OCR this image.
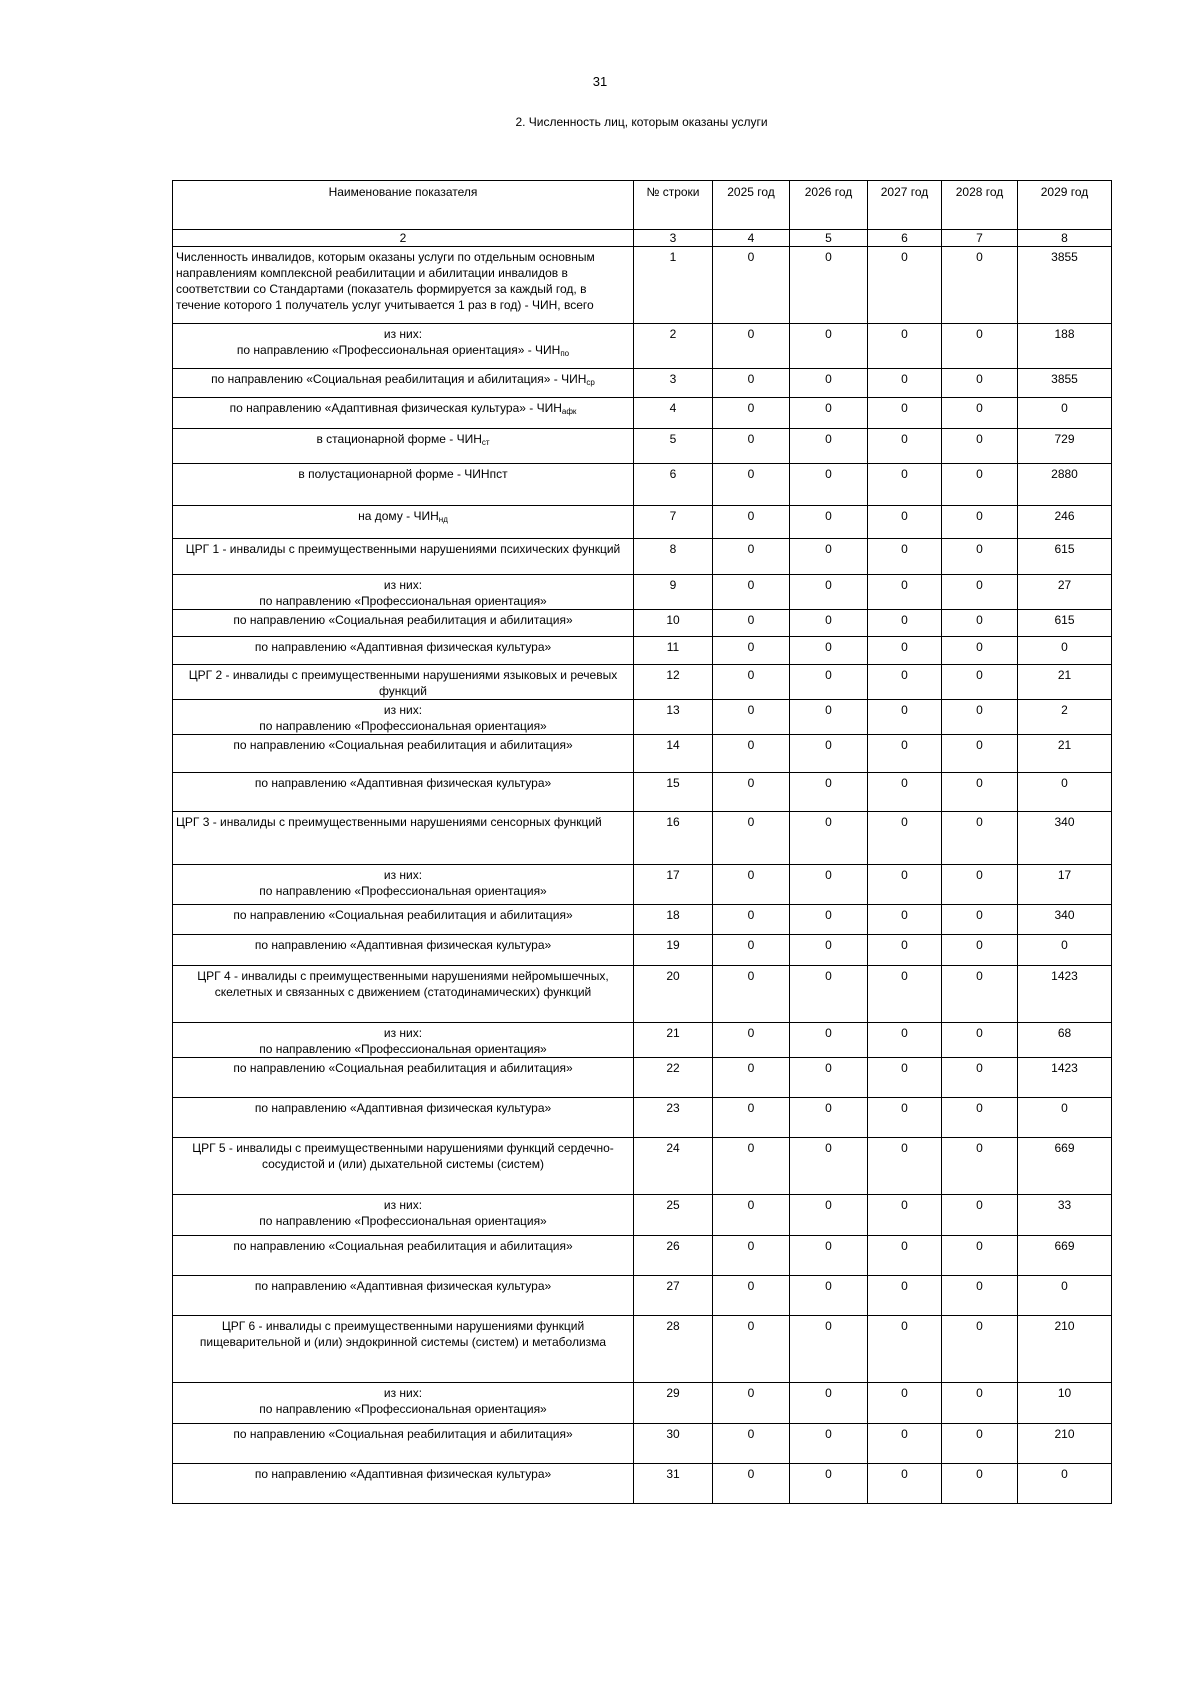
31
2. Численность лиц, которым оказаны услуги
Наименование показателя	№ строки	2025 год	2026 год	2027 год	2028 год	2029 год
2	3	4	5	6	7	8
Численность инвалидов, которым оказаны услуги по отдельным основным направлениям комплексной реабилитации и абилитации инвалидов в соответствии со Стандартами (показатель формируется за каждый год, в течение которого 1 получатель услуг учитывается 1 раз в год) - ЧИН, всего	1	0	0	0	0	3855
из них:
по направлению «Профессиональная ориентация» - $ЧИН_{по}$	2	0	0	0	0	188
по направлению «Социальная реабилитация и абилитация» - $ЧИН_{ср}$	3	0	0	0	0	3855
по направлению «Адаптивная физическая культура» - $ЧИН_{афк}$	4	0	0	0	0	0
в стационарной форме - $ЧИН_{ст}$	5	0	0	0	0	729
в полустационарной форме - ЧИНпст	6	0	0	0	0	2880
на дому - $ЧИН_{нд}$	7	0	0	0	0	246
ЦРГ 1 - инвалиды с преимущественными нарушениями психических функций	8	0	0	0	0	615
из них:
по направлению «Профессиональная ориентация»	9	0	0	0	0	27
по направлению «Социальная реабилитация и абилитация»	10	0	0	0	0	615
по направлению «Адаптивная физическая культура»	11	0	0	0	0	0
ЦРГ 2 - инвалиды с преимущественными нарушениями языковых и речевых функций	12	0	0	0	0	21
из них:
по направлению «Профессиональная ориентация»	13	0	0	0	0	2
по направлению «Социальная реабилитация и абилитация»	14	0	0	0	0	21
по направлению «Адаптивная физическая культура»	15	0	0	0	0	0
ЦРГ 3 - инвалиды с преимущественными нарушениями сенсорных функций	16	0	0	0	0	340
из них:
по направлению «Профессиональная ориентация»	17	0	0	0	0	17
по направлению «Социальная реабилитация и абилитация»	18	0	0	0	0	340
по направлению «Адаптивная физическая культура»	19	0	0	0	0	0
ЦРГ 4 - инвалиды с преимущественными нарушениями нейромышечных, скелетных и связанных с движением (статодинамических) функций	20	0	0	0	0	1423
из них:
по направлению «Профессиональная ориентация»	21	0	0	0	0	68
по направлению «Социальная реабилитация и абилитация»	22	0	0	0	0	1423
по направлению «Адаптивная физическая культура»	23	0	0	0	0	0
ЦРГ 5 - инвалиды с преимущественными нарушениями функций сердечно-сосудистой и (или) дыхательной системы (систем)	24	0	0	0	0	669
из них:
по направлению «Профессиональная ориентация»	25	0	0	0	0	33
по направлению «Социальная реабилитация и абилитация»	26	0	0	0	0	669
по направлению «Адаптивная физическая культура»	27	0	0	0	0	0
ЦРГ 6 - инвалиды с преимущественными нарушениями функций пищеварительной и (или) эндокринной системы (систем) и метаболизма	28	0	0	0	0	210
из них:
по направлению «Профессиональная ориентация»	29	0	0	0	0	10
по направлению «Социальная реабилитация и абилитация»	30	0	0	0	0	210
по направлению «Адаптивная физическая культура»	31	0	0	0	0	0
